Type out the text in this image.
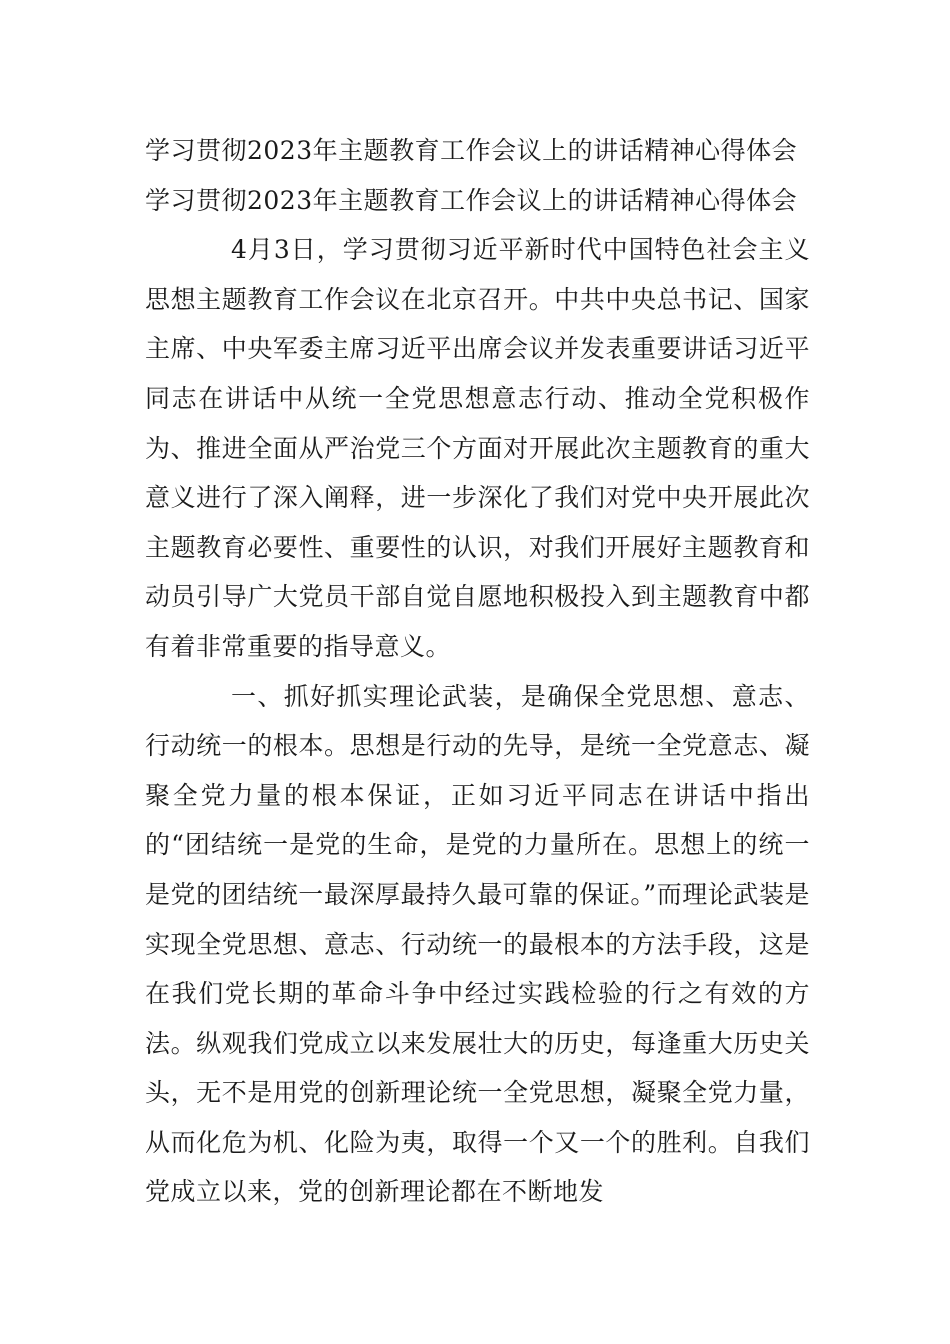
学习贯彻2023年主题教育工作会议上的讲话精神心得体会
学习贯彻2023年主题教育工作会议上的讲话精神心得体会

4月3日，学习贯彻习近平新时代中国特色社会主义思想主题教育工作会议在北京召开。中共中央总书记、国家主席、中央军委主席习近平出席会议并发表重要讲话习近平同志在讲话中从统一全党思想意志行动、推动全党积极作为、推进全面从严治党三个方面对开展此次主题教育的重大意义进行了深入阐释，进一步深化了我们对党中央开展此次主题教育必要性、重要性的认识，对我们开展好主题教育和动员引导广大党员干部自觉自愿地积极投入到主题教育中都有着非常重要的指导意义。

一、抓好抓实理论武装，是确保全党思想、意志、行动统一的根本。思想是行动的先导，是统一全党意志、凝聚全党力量的根本保证，正如习近平同志在讲话中指出的“团结统一是党的生命，是党的力量所在。思想上的统一是党的团结统一最深厚最持久最可靠的保证。”而理论武装是实现全党思想、意志、行动统一的最根本的方法手段，这是在我们党长期的革命斗争中经过实践检验的行之有效的方法。纵观我们党成立以来发展壮大的历史，每逢重大历史关头，无不是用党的创新理论统一全党思想，凝聚全党力量，从而化危为机、化险为夷，取得一个又一个的胜利。自我们党成立以来，党的创新理论都在不断地发
